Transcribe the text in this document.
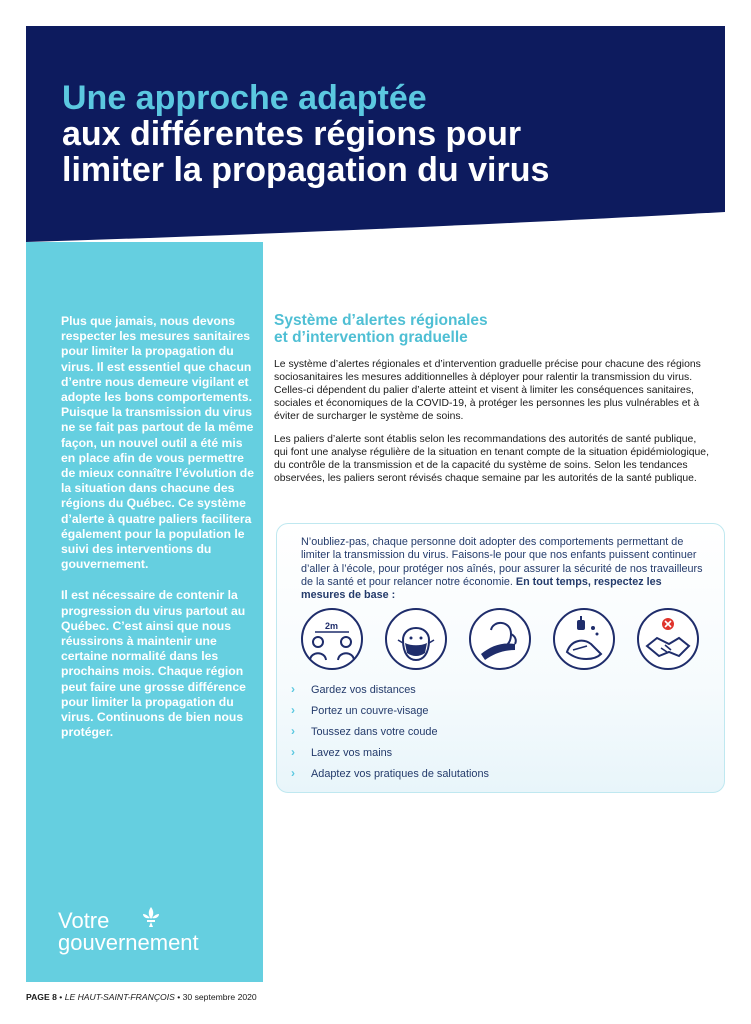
Une approche adaptée
aux différentes régions pour
limiter la propagation du virus

Plus que jamais, nous devons respecter les mesures sanitaires pour limiter la propagation du virus. Il est essentiel que chacun d’entre nous demeure vigilant et adopte les bons comportements. Puisque la transmission du virus ne se fait pas partout de la même façon, un nouvel outil a été mis en place afin de vous permettre de mieux connaître l’évolution de la situation dans chacune des régions du Québec. Ce système d’alerte à quatre paliers facilitera également pour la population le suivi des interventions du gouvernement.

Il est nécessaire de contenir la progression du virus partout au Québec. C’est ainsi que nous réussirons à maintenir une certaine normalité dans les prochains mois. Chaque région peut faire une grosse différence pour limiter la propagation du virus. Continuons de bien nous protéger.

Votre
gouvernement
Système d’alertes régionales
et d’intervention graduelle

Le système d’alertes régionales et d’intervention graduelle précise pour chacune des régions sociosanitaires les mesures additionnelles à déployer pour ralentir la transmission du virus. Celles-ci dépendent du palier d’alerte atteint et visent à limiter les conséquences sanitaires, sociales et économiques de la COVID-19, à protéger les personnes les plus vulnérables et à éviter de surcharger le système de soins.

Les paliers d’alerte sont établis selon les recommandations des autorités de santé publique, qui font une analyse régulière de la situation en tenant compte de la situation épidémiologique, du contrôle de la transmission et de la capacité du système de soins. Selon les tendances observées, les paliers seront révisés chaque semaine par les autorités de la santé publique.

N’oubliez-pas, chaque personne doit adopter des comportements permettant de limiter la transmission du virus. Faisons-le pour que nos enfants puissent continuer d’aller à l’école, pour protéger nos aînés, pour assurer la sécurité de nos travailleurs de la santé et pour relancer notre économie. En tout temps, respectez les mesures de base :

2m
› Gardez vos distances
› Portez un couvre-visage
› Toussez dans votre coude
› Lavez vos mains
› Adaptez vos pratiques de salutations
PAGE 8 • LE HAUT-SAINT-FRANÇOIS • 30 septembre 2020
